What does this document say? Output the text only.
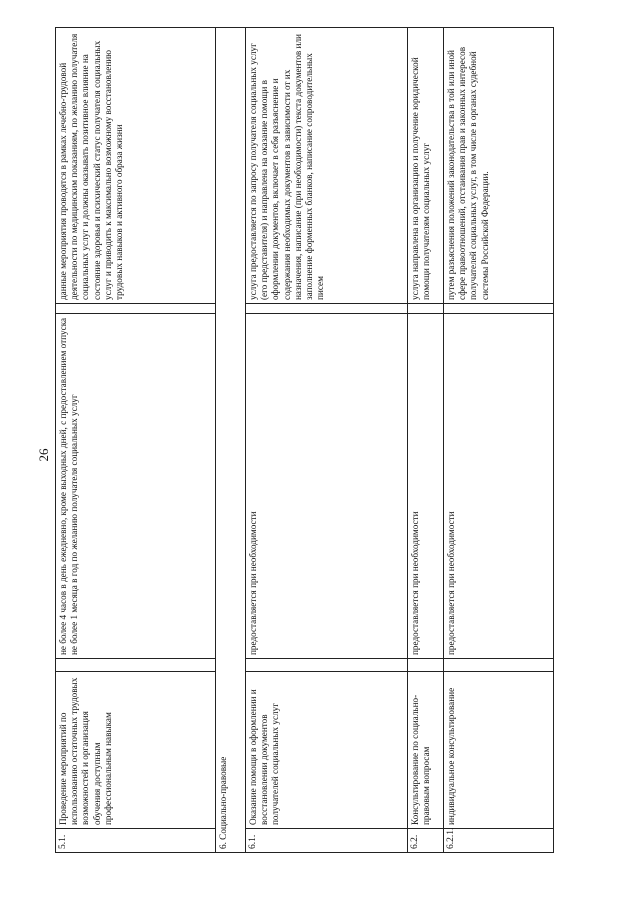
26
5.1.	Проведение мероприятий по использованию остаточных трудовых возможностей и организация обучения доступным профессиональным навыкам		не более 4 часов в день ежедневно, кроме выходных дней, с предоставлением отпуска не более 1 месяца в год по желанию получателя социальных услуг		данные мероприятия проводятся в рамках лечебно-трудовой деятельности по медицинским показаниям, по желанию получателя социальных услуг и должны оказывать позитивное влияние на состояние здоровья и психический статус получателя социальных услуг и приводить к максимально возможному восстановлению трудовых навыков и активного образа жизни
6. Социально-правовые					
6.1.	Оказание помощи в оформлении и восстановлении документов получателей социальных услуг		предоставляется при необходимости		услуга предоставляется по запросу получателя социальных услуг (его представителя) и направлена на оказание помощи в оформлении документов, включает в себя разъяснение и содержания необходимых документов в зависимости от их назначения, написание (при необходимости) текста документов или заполнение форменных бланков, написание сопроводительных писем
6.2.	Консультирование по социально-правовым вопросам		предоставляется при необходимости		услуга направлена на организацию и получение юридической помощи получателям социальных услуг
6.2.1.	индивидуальное консультирование		предоставляется при необходимости		путем разъяснения положений законодательства в той или иной сфере правоотношений, отстаивания прав и законных интересов получателей социальных услуг, в том числе в органах судебной системы Российской Федерации.
